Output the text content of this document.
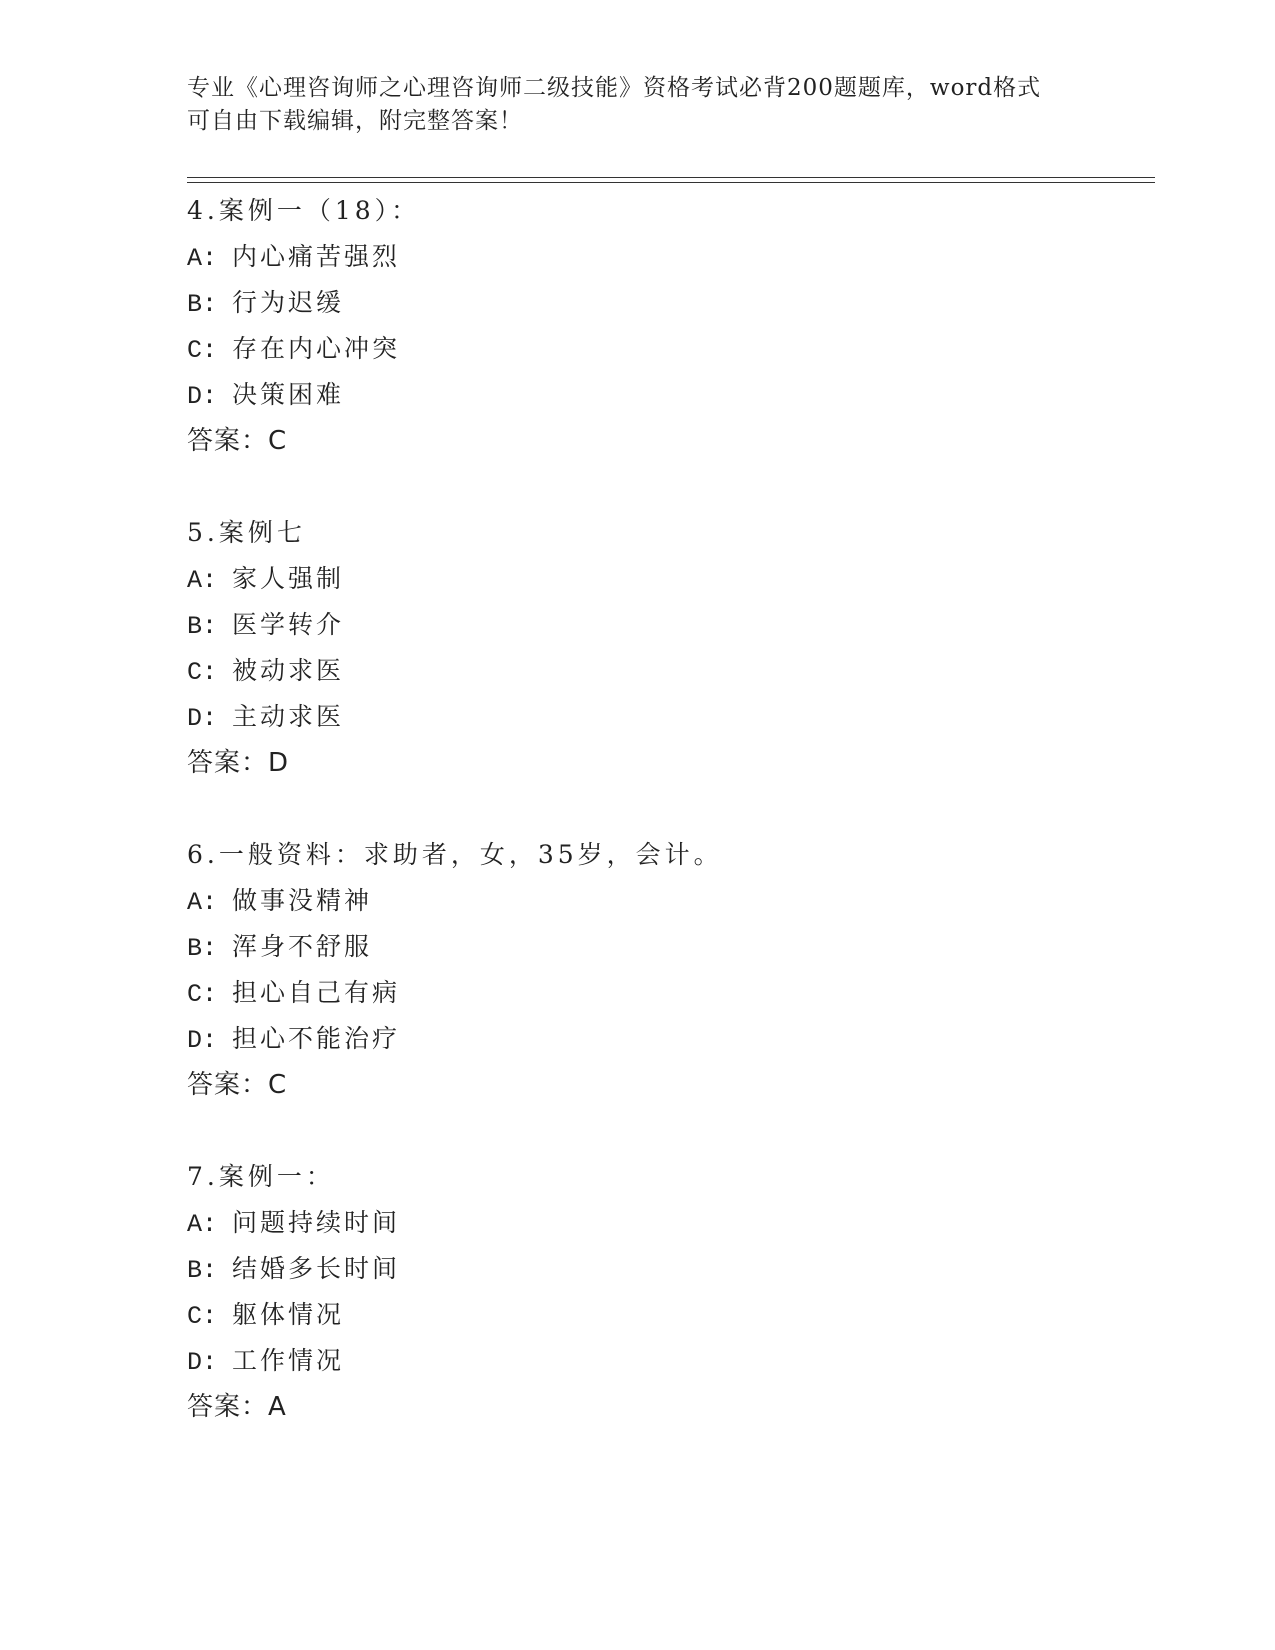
专业《心理咨询师之心理咨询师二级技能》资格考试必背200题题库，word格式
可自由下载编辑，附完整答案！
4.案例一（18）：
A: 内心痛苦强烈
B: 行为迟缓
C: 存在内心冲突
D: 决策困难
答案：C
5.案例七
A: 家人强制
B: 医学转介
C: 被动求医
D: 主动求医
答案：D
6.一般资料：求助者，女，35岁，会计。
A: 做事没精神
B: 浑身不舒服
C: 担心自己有病
D: 担心不能治疗
答案：C
7.案例一：
A: 问题持续时间
B: 结婚多长时间
C: 躯体情况
D: 工作情况
答案：A
